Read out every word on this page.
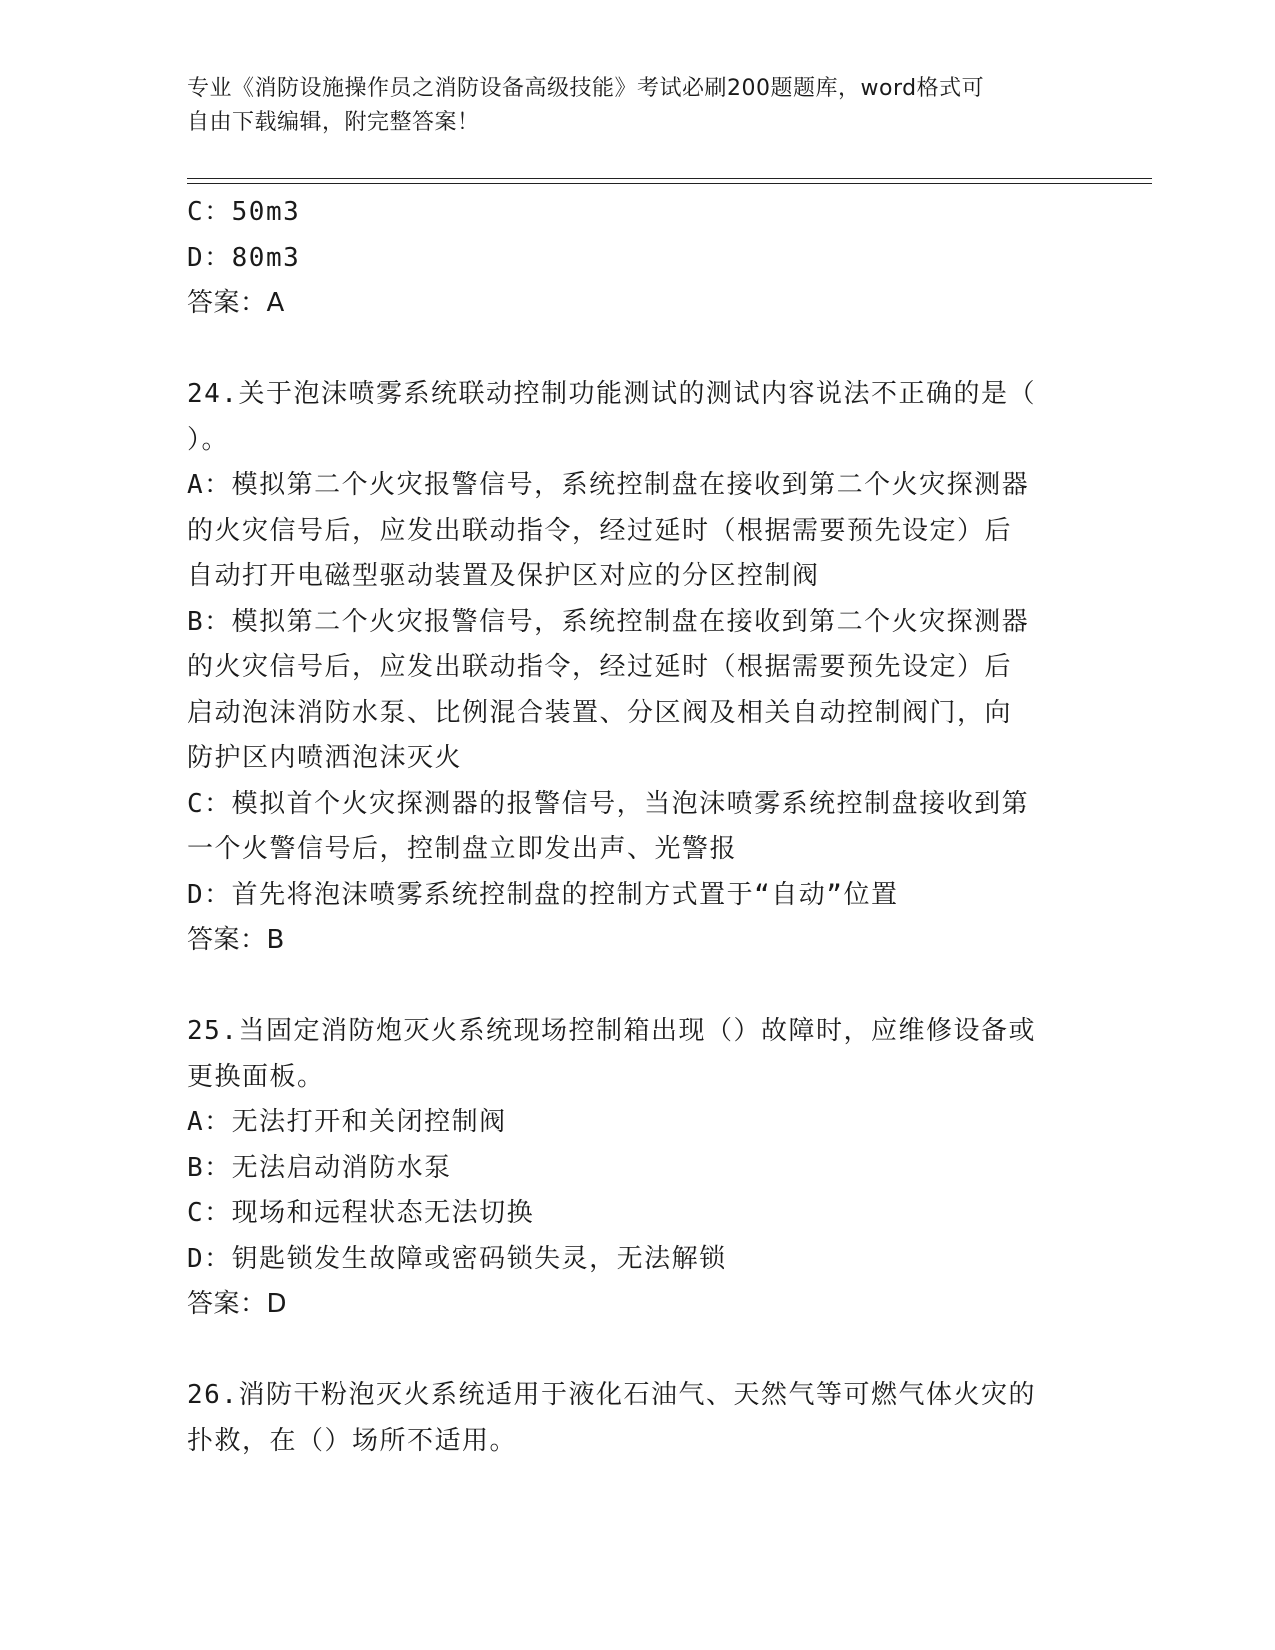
专业《消防设施操作员之消防设备高级技能》考试必刷200题题库，word格式可
自由下载编辑，附完整答案！

C：50m3

D：80m3

答案：A

24.关于泡沫喷雾系统联动控制功能测试的测试内容说法不正确的是（

）。

A：模拟第二个火灾报警信号，系统控制盘在接收到第二个火灾探测器

的火灾信号后，应发出联动指令，经过延时（根据需要预先设定）后

自动打开电磁型驱动装置及保护区对应的分区控制阀

B：模拟第二个火灾报警信号，系统控制盘在接收到第二个火灾探测器

的火灾信号后，应发出联动指令，经过延时（根据需要预先设定）后

启动泡沫消防水泵、比例混合装置、分区阀及相关自动控制阀门，向

防护区内喷洒泡沫灭火

C：模拟首个火灾探测器的报警信号，当泡沫喷雾系统控制盘接收到第

一个火警信号后，控制盘立即发出声、光警报

D：首先将泡沫喷雾系统控制盘的控制方式置于“自动”位置

答案：B

25.当固定消防炮灭火系统现场控制箱出现（）故障时，应维修设备或

更换面板。

A：无法打开和关闭控制阀

B：无法启动消防水泵

C：现场和远程状态无法切换

D：钥匙锁发生故障或密码锁失灵，无法解锁

答案：D

26.消防干粉泡灭火系统适用于液化石油气、天然气等可燃气体火灾的

扑救，在（）场所不适用。
